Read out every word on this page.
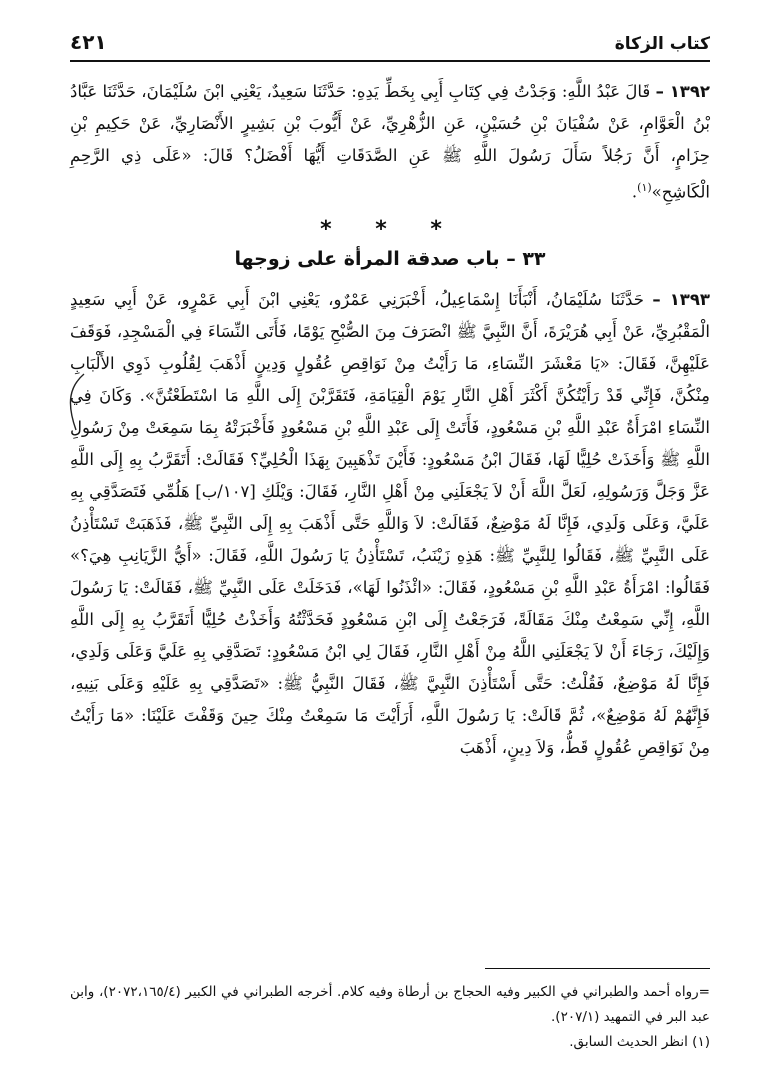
كتاب الزكاة
٤٢١

١٣٩٢ – قَالَ عَبْدُ اللَّهِ: وَجَدْتُ فِي كِتَابِ أَبِي بِخَطِّ يَدِهِ: حَدَّثَنَا سَعِيدٌ، يَعْنِي ابْنَ سُلَيْمَانَ، حَدَّثَنَا عَبَّادُ بْنُ الْعَوَّامِ، عَنْ سُفْيَانَ بْنِ حُسَيْنٍ، عَنِ الزُّهْرِيِّ، عَنْ أَيُّوبَ بْنِ بَشِيرٍ الأَنْصَارِيِّ، عَنْ حَكِيمِ بْنِ حِزَامٍ، أَنَّ رَجُلاً سَأَلَ رَسُولَ اللَّهِ ﷺ عَنِ الصَّدَقَاتِ أَيُّهَا أَفْضَلُ؟ قَالَ: «عَلَى ذِي الرَّحِمِ الْكَاشِحِ»$^{(١)}$.

* * *
٣٣ – باب صدقة المرأة على زوجها

١٣٩٣ – حَدَّثَنَا سُلَيْمَانُ، أَنْبَأَنَا إِسْمَاعِيلُ، أَخْبَرَنِي عَمْرٌو، يَعْنِي ابْنَ أَبِي عَمْرٍو، عَنْ أَبِي سَعِيدٍ الْمَقْبُرِيِّ، عَنْ أَبِي هُرَيْرَةَ، أَنَّ النَّبِيَّ ﷺ انْصَرَفَ مِنَ الصُّبْحِ يَوْمًا، فَأَتَى النِّسَاءَ فِي الْمَسْجِدِ، فَوَقَفَ عَلَيْهِنَّ، فَقَالَ: «يَا مَعْشَرَ النِّسَاءِ، مَا رَأَيْتُ مِنْ نَوَاقِصِ عُقُولٍ وَدِينٍ أَذْهَبَ لِقُلُوبِ ذَوِي الأَلْبَابِ مِنْكُنَّ، فَإِنِّي قَدْ رَأَيْتُكُنَّ أَكْثَرَ أَهْلِ النَّارِ يَوْمَ الْقِيَامَةِ، فَتَقَرَّبْنَ إِلَى اللَّهِ مَا اسْتَطَعْتُنَّ». وَكَانَ فِي النِّسَاءِ امْرَأَةُ عَبْدِ اللَّهِ بْنِ مَسْعُودٍ، فَأَتَتْ إِلَى عَبْدِ اللَّهِ بْنِ مَسْعُودٍ فَأَخْبَرَتْهُ بِمَا سَمِعَتْ مِنْ رَسُولِ اللَّهِ ﷺ وَأَخَذَتْ حُلِيًّا لَهَا، فَقَالَ ابْنُ مَسْعُودٍ: فَأَيْنَ تَذْهَبِينَ بِهَذَا الْحُلِيِّ؟ فَقَالَتْ: أَتَقَرَّبُ بِهِ إِلَى اللَّهِ عَزَّ وَجَلَّ وَرَسُولِهِ، لَعَلَّ اللَّهَ أَنْ لاَ يَجْعَلَنِي مِنْ أَهْلِ النَّارِ، فَقَالَ: وَيْلَكِ [١٠٧/ب] هَلُمِّي فَتَصَدَّقِي بِهِ عَلَيَّ، وَعَلَى وَلَدِي، فَإِنَّا لَهُ مَوْضِعٌ، فَقَالَتْ: لاَ وَاللَّهِ حَتَّى أَذْهَبَ بِهِ إِلَى النَّبِيِّ ﷺ، فَذَهَبَتْ تَسْتَأْذِنُ عَلَى النَّبِيِّ ﷺ، فَقَالُوا لِلنَّبِيِّ ﷺ: هَذِهِ زَيْنَبُ، تَسْتَأْذِنُ يَا رَسُولَ اللَّهِ، فَقَالَ: «أَيُّ الزَّيَانِبِ هِيَ؟» فَقَالُوا: امْرَأَةُ عَبْدِ اللَّهِ بْنِ مَسْعُودٍ، فَقَالَ: «ائْذَنُوا لَهَا»، فَدَخَلَتْ عَلَى النَّبِيِّ ﷺ، فَقَالَتْ: يَا رَسُولَ اللَّهِ، إِنِّي سَمِعْتُ مِنْكَ مَقَالَةً، فَرَجَعْتُ إِلَى ابْنِ مَسْعُودٍ فَحَدَّثْتُهُ وَأَخَذْتُ حُلِيًّا أَتَقَرَّبُ بِهِ إِلَى اللَّهِ وَإِلَيْكَ، رَجَاءَ أَنْ لاَ يَجْعَلَنِي اللَّهُ مِنْ أَهْلِ النَّارِ، فَقَالَ لِي ابْنُ مَسْعُودٍ: تَصَدَّقِي بِهِ عَلَيَّ وَعَلَى وَلَدِي، فَإِنَّا لَهُ مَوْضِعٌ، فَقُلْتُ: حَتَّى أَسْتَأْذِنَ النَّبِيَّ ﷺ، فَقَالَ النَّبِيُّ ﷺ: «تَصَدَّقِي بِهِ عَلَيْهِ وَعَلَى بَنِيهِ، فَإِنَّهُمْ لَهُ مَوْضِعٌ»، ثُمَّ قَالَتْ: يَا رَسُولَ اللَّهِ، أَرَأَيْتَ مَا سَمِعْتُ مِنْكَ حِينَ وَقَفْتَ عَلَيْنَا: «مَا رَأَيْتُ مِنْ نَوَاقِصِ عُقُولٍ قَطُّ، وَلاَ دِينٍ، أَذْهَبَ

=رواه أحمد والطبراني في الكبير وفيه الحجاج بن أرطاة وفيه كلام. أخرجه الطبراني في الكبير (٢٠٧٢،١٦٥/٤)، وابن عبد البر في التمهيد (٢٠٧/١).

(١) انظر الحديث السابق.
